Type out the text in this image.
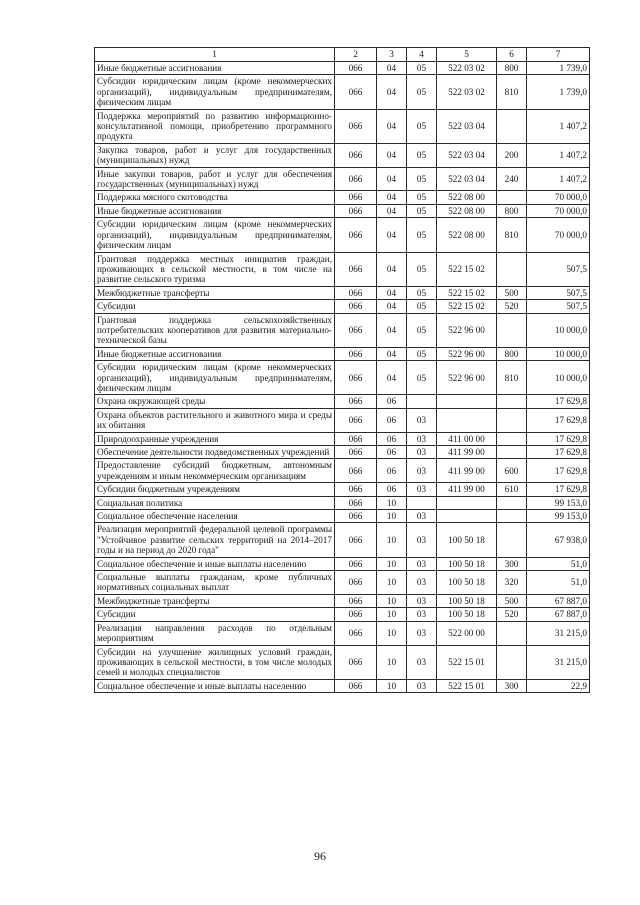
1	2	3	4	5	6	7
Иные бюджетные ассигнования	066	04	05	522 03 02	800	1 739,0
Субсидии юридическим лицам (кроме некоммерческих организаций), индивидуальным предпринимателям, физическим лицам	066	04	05	522 03 02	810	1 739,0
Поддержка мероприятий по развитию информационно-консультативной помощи, приобретению программного продукта	066	04	05	522 03 04		1 407,2
Закупка товаров, работ и услуг для государственных (муниципальных) нужд	066	04	05	522 03 04	200	1 407,2
Иные закупки товаров, работ и услуг для обеспечения государственных (муниципальных) нужд	066	04	05	522 03 04	240	1 407,2
Поддержка мясного скотоводства	066	04	05	522 08 00		70 000,0
Иные бюджетные ассигнования	066	04	05	522 08 00	800	70 000,0
Субсидии юридическим лицам (кроме некоммерческих организаций), индивидуальным предпринимателям, физическим лицам	066	04	05	522 08 00	810	70 000,0
Грантовая поддержка местных инициатив граждан, проживающих в сельской местности, в том числе на развитие сельского туризма	066	04	05	522 15 02		507,5
Межбюджетные трансферты	066	04	05	522 15 02	500	507,5
Субсидии	066	04	05	522 15 02	520	507,5
Грантовая поддержка сельскохозяйственных потребительских кооперативов для развития материально-технической базы	066	04	05	522 96 00		10 000,0
Иные бюджетные ассигнования	066	04	05	522 96 00	800	10 000,0
Субсидии юридическим лицам (кроме некоммерческих организаций), индивидуальным предпринимателям, физическим лицам	066	04	05	522 96 00	810	10 000,0
Охрана окружающей среды	066	06				17 629,8
Охрана объектов растительного и животного мира и среды их обитания	066	06	03			17 629,8
Природоохранные учреждения	066	06	03	411 00 00		17 629,8
Обеспечение деятельности подведомственных учреждений	066	06	03	411 99 00		17 629,8
Предоставление субсидий бюджетным, автономным учреждениям и иным некоммерческим организациям	066	06	03	411 99 00	600	17 629,8
Субсидии бюджетным учреждениям	066	06	03	411 99 00	610	17 629,8
Социальная политика	066	10				99 153,0
Социальное обеспечение населения	066	10	03			99 153,0
Реализация мероприятий федеральной целевой программы "Устойчивое развитие сельских территорий на 2014–2017 годы и на период до 2020 года"	066	10	03	100 50 18		67 938,0
Социальное обеспечение и иные выплаты населению	066	10	03	100 50 18	300	51,0
Социальные выплаты гражданам, кроме публичных нормативных социальных выплат	066	10	03	100 50 18	320	51,0
Межбюджетные трансферты	066	10	03	100 50 18	500	67 887,0
Субсидии	066	10	03	100 50 18	520	67 887,0
Реализация направления расходов по отдельным мероприятиям	066	10	03	522 00 00		31 215,0
Субсидии на улучшение жилищных условий граждан, проживающих в сельской местности, в том числе молодых семей и молодых специалистов	066	10	03	522 15 01		31 215,0
Социальное обеспечение и иные выплаты населению	066	10	03	522 15 01	300	22,9
96
